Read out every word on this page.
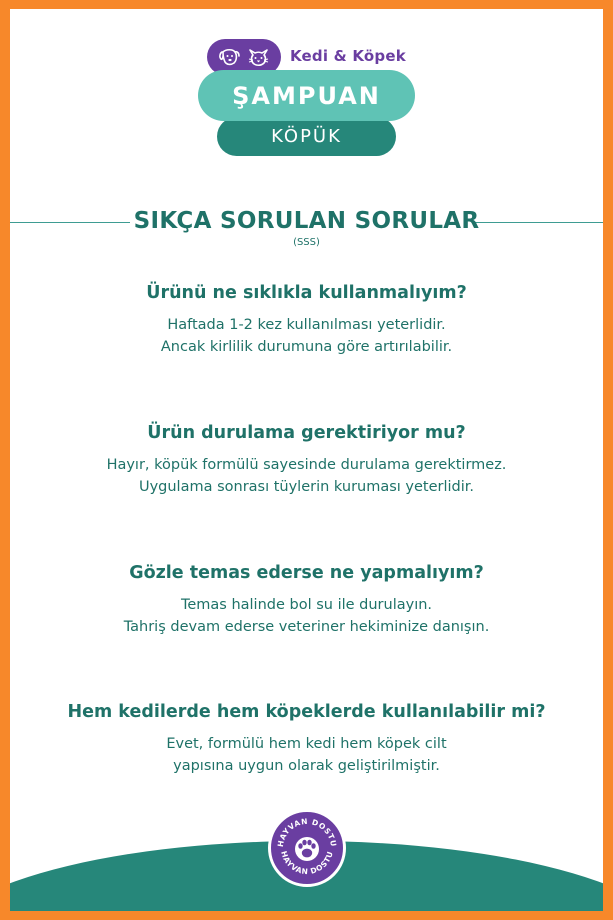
Kedi & Köpek
ŞAMPUAN
KÖPÜK
SIKÇA SORULAN SORULAR
(SSS)

Ürünü ne sıklıkla kullanmalıyım?

Haftada 1-2 kez kullanılması yeterlidir.
Ancak kirlilik durumuna göre artırılabilir.

Ürün durulama gerektiriyor mu?

Hayır, köpük formülü sayesinde durulama gerektirmez.
Uygulama sonrası tüylerin kuruması yeterlidir.

Gözle temas ederse ne yapmalıyım?

Temas halinde bol su ile durulayın.
Tahriş devam ederse veteriner hekiminize danışın.

Hem kedilerde hem köpeklerde kullanılabilir mi?

Evet, formülü hem kedi hem köpek cilt
yapısına uygun olarak geliştirilmiştir.

HAYVAN DOSTU
HAYVAN DOSTU
